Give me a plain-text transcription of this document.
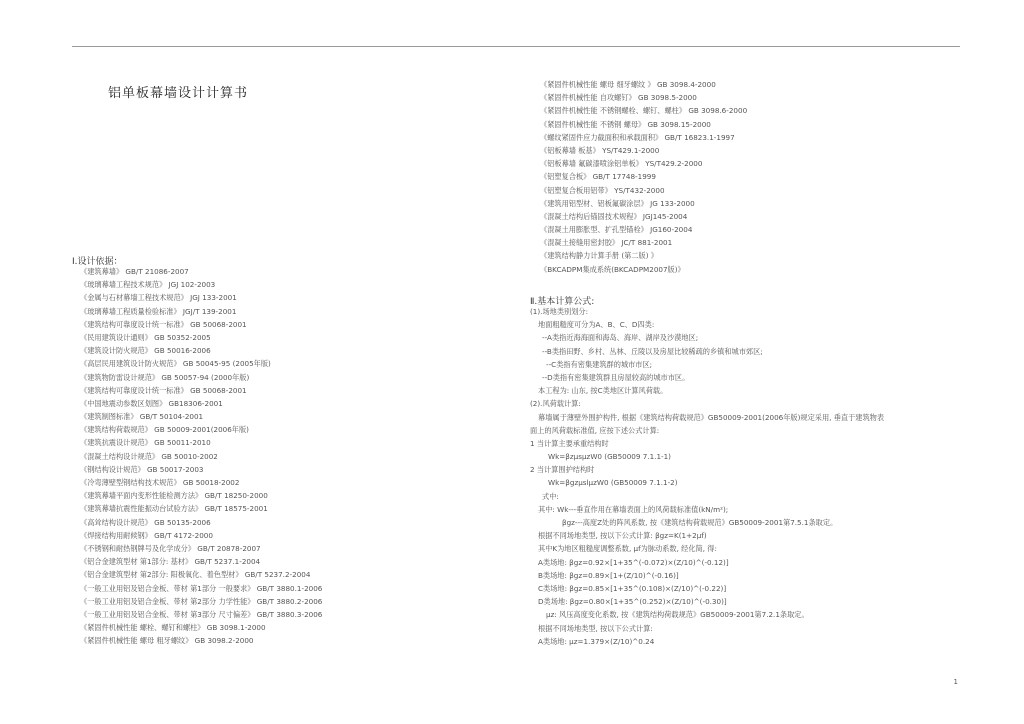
铝单板幕墙设计计算书
Ⅰ.设计依据：
《建筑幕墙》 GB/T 21086-2007
《玻璃幕墙工程技术规范》 JGJ 102-2003
《金属与石材幕墙工程技术规范》 JGJ 133-2001
《玻璃幕墙工程质量检验标准》 JGJ/T 139-2001
《建筑结构可靠度设计统一标准》 GB 50068-2001
《民用建筑设计通则》 GB 50352-2005
《建筑设计防火规范》 GB 50016-2006
《高层民用建筑设计防火规范》 GB 50045-95 (2005年版)
《建筑物防雷设计规范》 GB 50057-94 (2000年版)
《建筑结构可靠度设计统一标准》 GB 50068-2001
《中国地震动参数区划图》 GB18306-2001
《建筑制图标准》 GB/T 50104-2001
《建筑结构荷载规范》 GB 50009-2001(2006年版)
《建筑抗震设计规范》 GB 50011-2010
《混凝土结构设计规范》 GB 50010-2002
《钢结构设计规范》 GB 50017-2003
《冷弯薄壁型钢结构技术规范》 GB 50018-2002
《建筑幕墙平面内变形性能检测方法》 GB/T 18250-2000
《建筑幕墙抗震性能振动台试验方法》 GB/T 18575-2001
《高耸结构设计规范》 GB 50135-2006
《焊接结构用耐候钢》 GB/T 4172-2000
《不锈钢和耐热钢牌号及化学成分》 GB/T 20878-2007
《铝合金建筑型材 第1部分: 基材》 GB/T 5237.1-2004
《铝合金建筑型材 第2部分: 阳极氧化、着色型材》 GB/T 5237.2-2004
《一般工业用铝及铝合金板、带材 第1部分 一般要求》 GB/T 3880.1-2006
《一般工业用铝及铝合金板、带材 第2部分 力学性能》 GB/T 3880.2-2006
《一般工业用铝及铝合金板、带材 第3部分 尺寸偏差》 GB/T 3880.3-2006
《紧固件机械性能 螺栓、螺钉和螺柱》 GB 3098.1-2000
《紧固件机械性能 螺母 粗牙螺纹》 GB 3098.2-2000
《紧固件机械性能 螺母 细牙螺纹 》 GB 3098.4-2000
《紧固件机械性能 自攻螺钉》 GB 3098.5-2000
《紧固件机械性能 不锈钢螺栓、螺钉、螺柱》 GB 3098.6-2000
《紧固件机械性能 不锈钢 螺母》 GB 3098.15-2000
《螺纹紧固件应力截面积和承载面积》 GB/T 16823.1-1997
《铝板幕墙 板基》 YS/T429.1-2000
《铝板幕墙 氟碳漆喷涂铝单板》 YS/T429.2-2000
《铝塑复合板》 GB/T 17748-1999
《铝塑复合板用铝带》 YS/T432-2000
《建筑用铝型材、铝板氟碳涂层》 JG 133-2000
《混凝土结构后锚固技术规程》 JGJ145-2004
《混凝土用膨胀型、扩孔型锚栓》 JG160-2004
《混凝土接缝用密封胶》 JC/T 881-2001
《建筑结构静力计算手册 (第二版) 》
《BKCADPM集成系统(BKCADPM2007版)》
Ⅱ.基本计算公式:
(1).场地类别划分:
地面粗糙度可分为A、B、C、D四类:
--A类指近海海面和海岛、海岸、湖岸及沙漠地区;
--B类指田野、乡村、丛林、丘陵以及房屋比较稀疏的乡镇和城市郊区;
--C类指有密集建筑群的城市市区;
--D类指有密集建筑群且房屋较高的城市市区。
本工程为: 山东, 按C类地区计算风荷载。
(2).风荷载计算:
幕墙属于薄壁外围护构件, 根据《建筑结构荷载规范》GB50009-2001(2006年版)规定采用, 垂直于建筑物表
面上的风荷载标准值, 应按下述公式计算:
1 当计算主要承重结构时
Wk=βzμsμzW0 (GB50009 7.1.1-1)
2 当计算围护结构时
Wk=βgzμslμzW0 (GB50009 7.1.1-2)
式中:
其中: Wk---垂直作用在幕墙表面上的风荷载标准值(kN/m²);
βgz---高度Z处的阵风系数, 按《建筑结构荷载规范》GB50009-2001第7.5.1条取定。
根据不同场地类型, 按以下公式计算: βgz=K(1+2μf)
其中K为地区粗糙度调整系数, μf为脉动系数, 经化简, 得:
A类场地: βgz=0.92×[1+35^(-0.072)×(Z/10)^(-0.12)]
B类场地: βgz=0.89×[1+(Z/10)^(-0.16)]
C类场地: βgz=0.85×[1+35^(0.108)×(Z/10)^(-0.22)]
D类场地: βgz=0.80×[1+35^(0.252)×(Z/10)^(-0.30)]
μz: 风压高度变化系数, 按《建筑结构荷载规范》GB50009-2001第7.2.1条取定。
根据不同场地类型, 按以下公式计算:
A类场地: μz=1.379×(Z/10)^0.24
1
